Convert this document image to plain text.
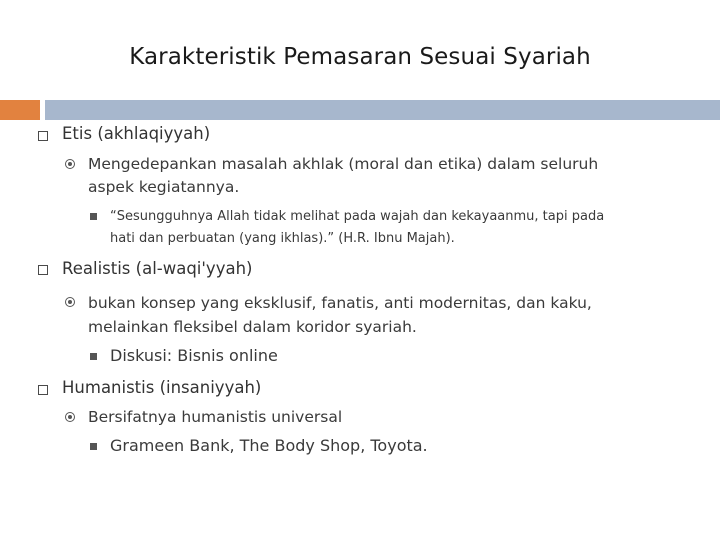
Karakteristik Pemasaran Sesuai Syariah
Etis (akhlaqiyyah)
Mengedepankan masalah akhlak (moral dan etika) dalam seluruh
aspek kegiatannya.
“Sesungguhnya Allah tidak melihat pada wajah dan kekayaanmu, tapi pada
hati dan perbuatan (yang ikhlas).” (H.R. Ibnu Majah).
Realistis (al-waqi'yyah)
bukan konsep yang eksklusif, fanatis, anti modernitas, dan kaku,
melainkan fleksibel dalam koridor syariah.
Diskusi: Bisnis online
Humanistis (insaniyyah)
Bersifatnya humanistis universal
Grameen Bank, The Body Shop, Toyota.
